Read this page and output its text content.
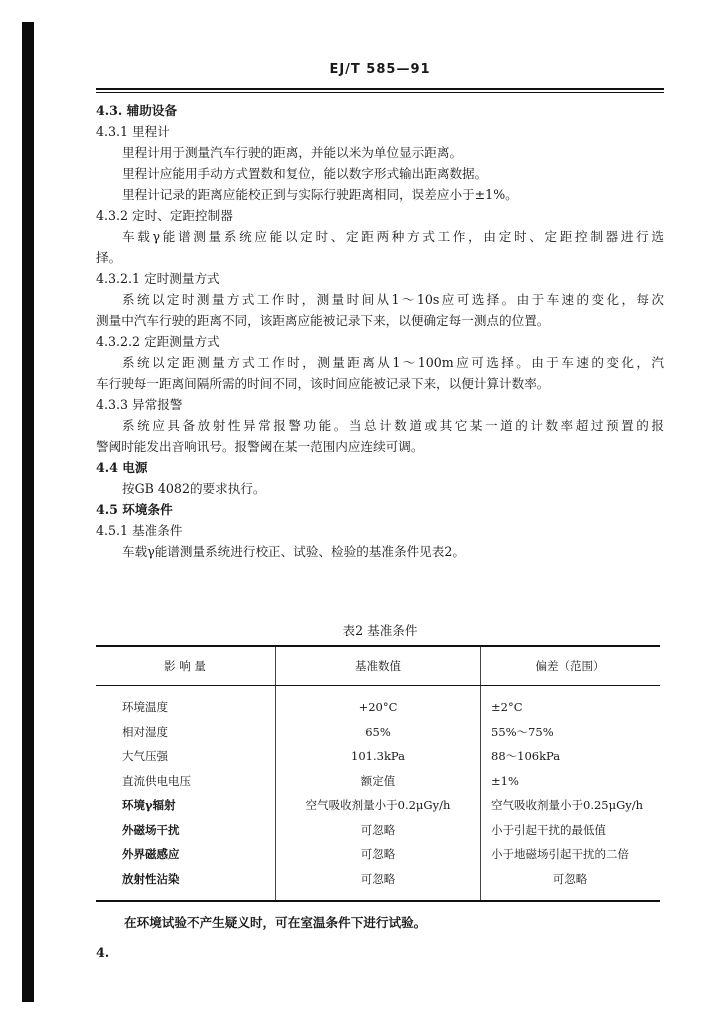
EJ/T 585—91
4.3. 辅助设备
4.3.1 里程计
里程计用于测量汽车行驶的距离，并能以米为单位显示距离。
里程计应能用手动方式置数和复位，能以数字形式输出距离数据。
里程计记录的距离应能校正到与实际行驶距离相同，误差应小于±1%。
4.3.2 定时、定距控制器
车载γ能谱测量系统应能以定时、定距两种方式工作，由定时、定距控制器进行选
择。
4.3.2.1 定时测量方式
系统以定时测量方式工作时，测量时间从1～10s应可选择。由于车速的变化，每次
测量中汽车行驶的距离不同，该距离应能被记录下来，以便确定每一测点的位置。
4.3.2.2 定距测量方式
系统以定距测量方式工作时，测量距离从1～100m应可选择。由于车速的变化，汽
车行驶每一距离间隔所需的时间不同，该时间应能被记录下来，以便计算计数率。
4.3.3 异常报警
系统应具备放射性异常报警功能。当总计数道或其它某一道的计数率超过预置的报
警阈时能发出音响讯号。报警阈在某一范围内应连续可调。
4.4 电源
按GB 4082的要求执行。
4.5 环境条件
4.5.1 基准条件
车载γ能谱测量系统进行校正、试验、检验的基准条件见表2。
表2 基准条件
影 响 量	基准数值	偏差（范围）
环境温度	+20°C	±2°C
相对湿度	65%	55%～75%
大气压强	101.3kPa	88～106kPa
直流供电电压	额定值	±1%
环境γ辐射	空气吸收剂量小于0.2μGy/h	空气吸收剂量小于0.25μGy/h
外磁场干扰	可忽略	小于引起干扰的最低值
外界磁感应	可忽略	小于地磁场引起干扰的二倍
放射性沾染	可忽略	可忽略
在环境试验不产生疑义时，可在室温条件下进行试验。
4.
